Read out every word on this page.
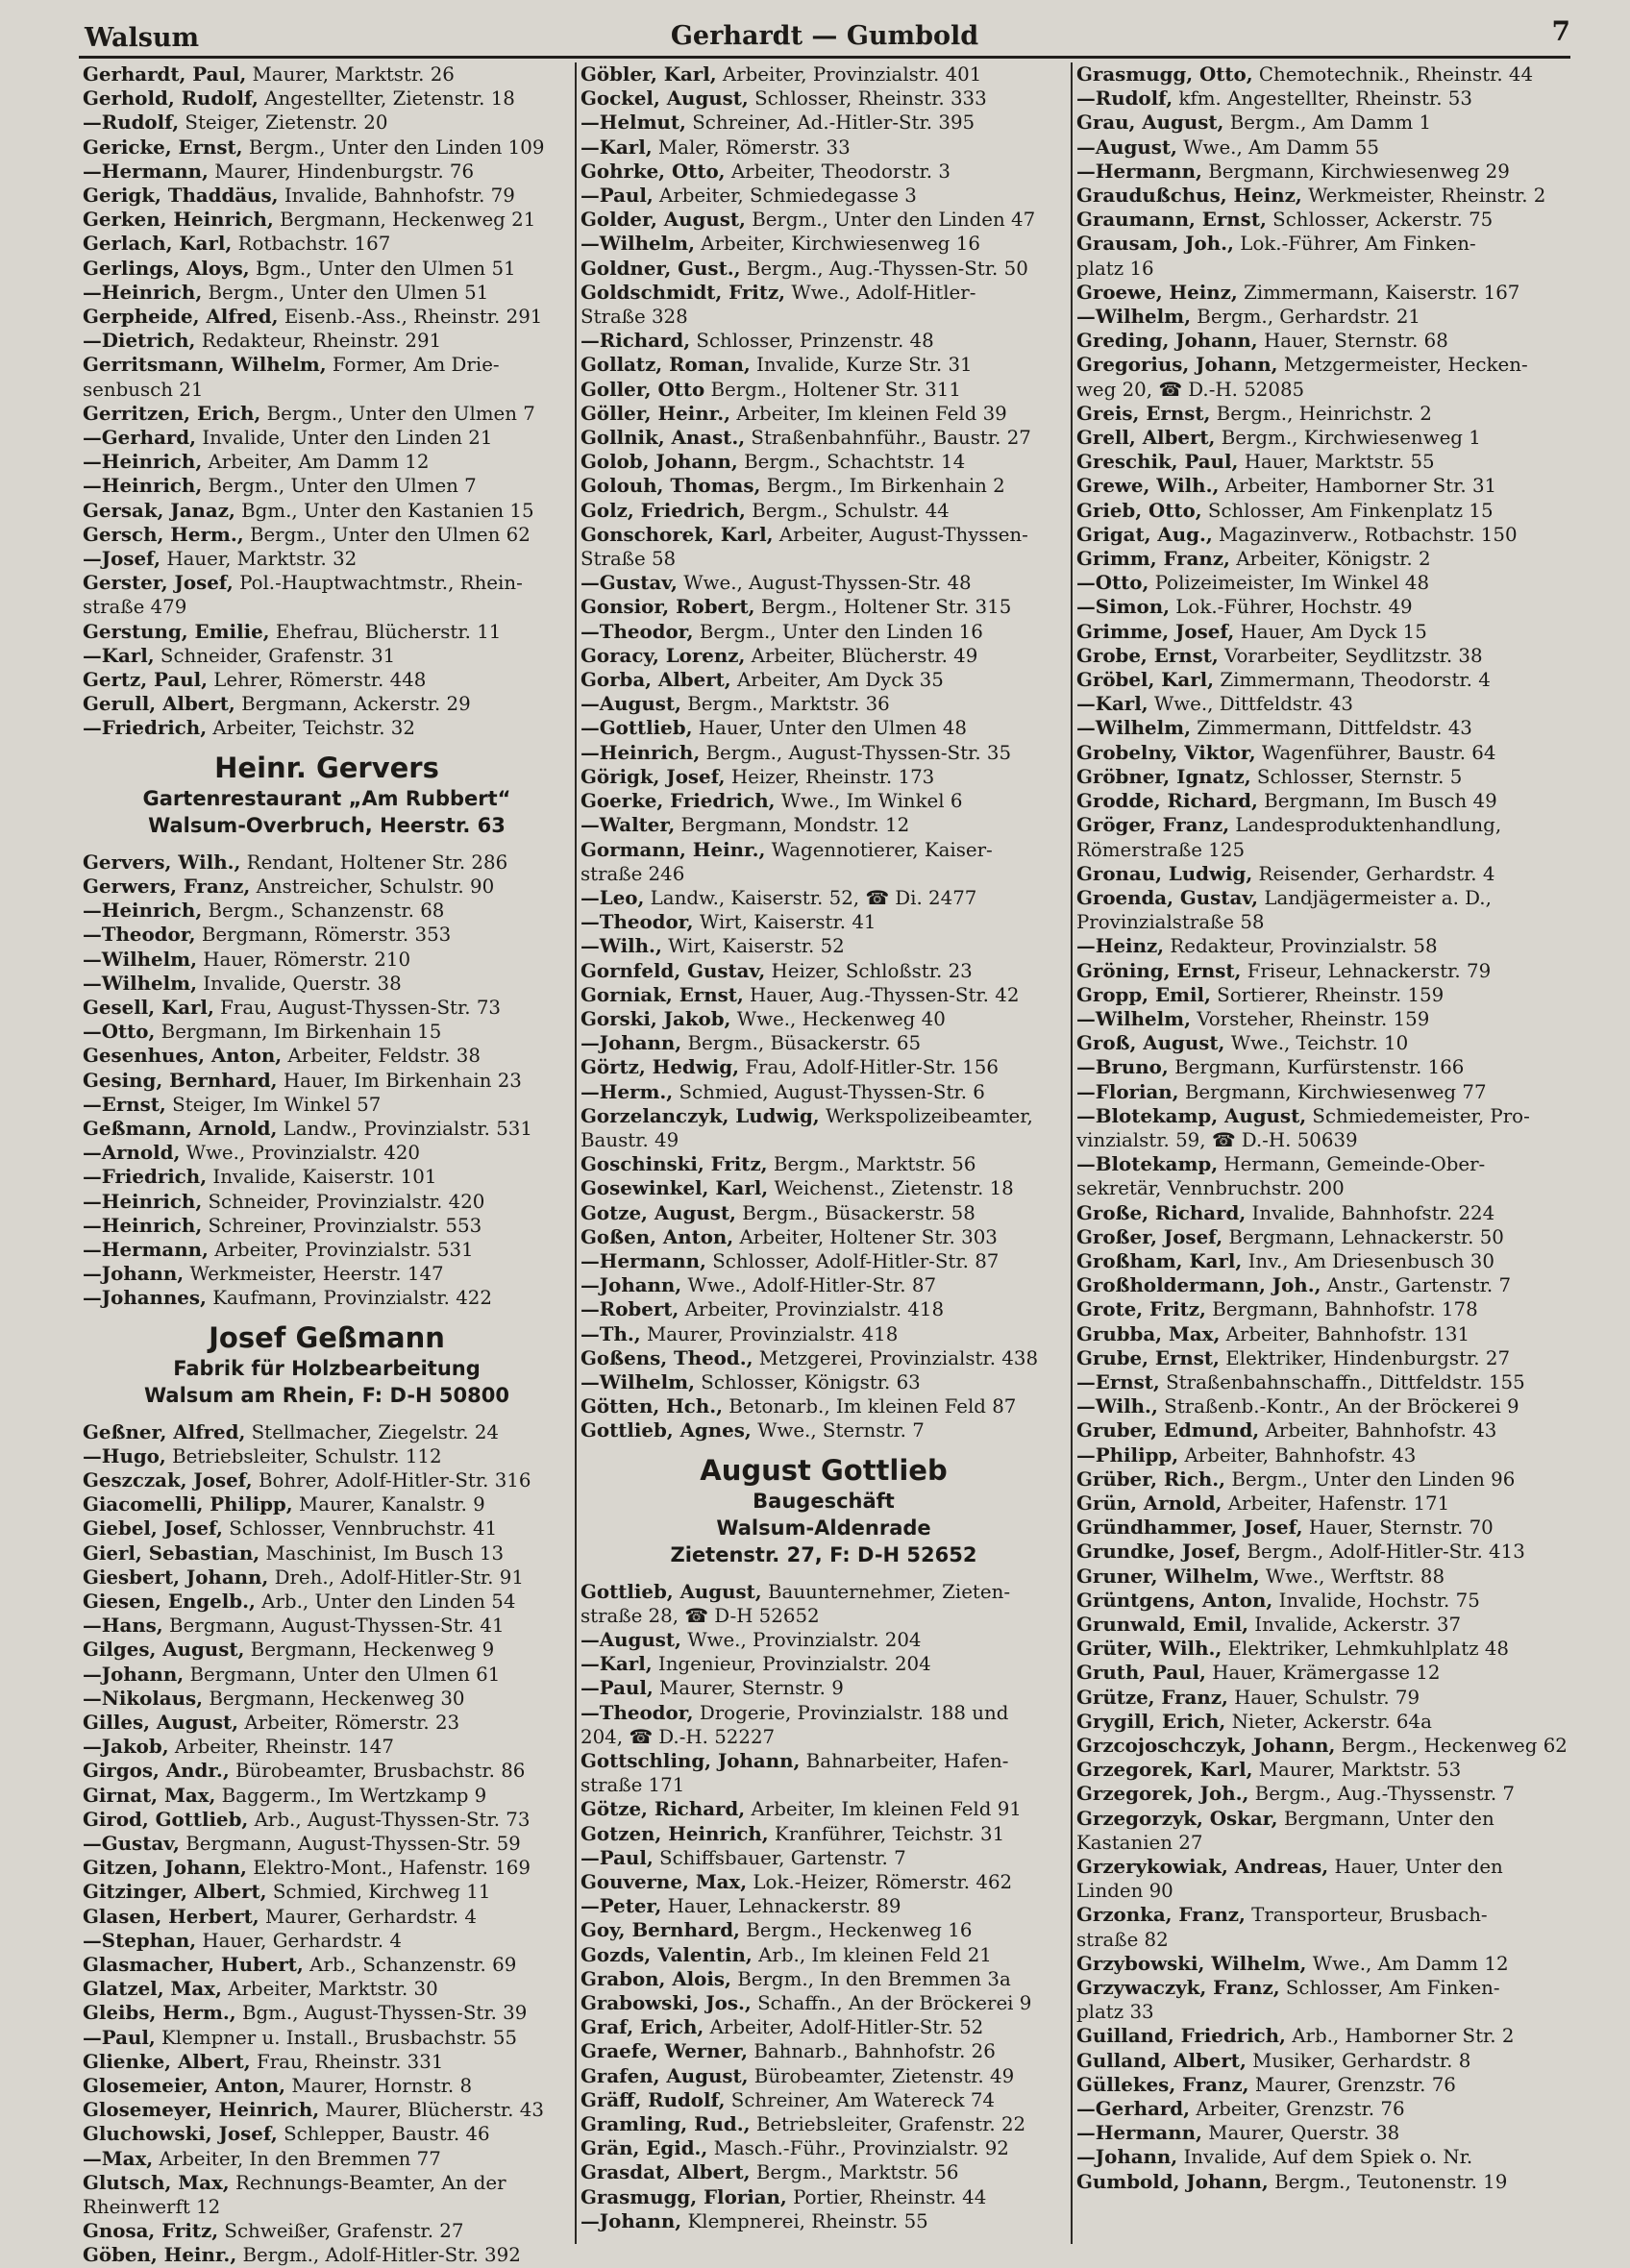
Walsum	Gerhardt — Gumbold	7
Gerhardt, Paul, Maurer, Marktstr. 26
Gerhold, Rudolf, Angestellter, Zietenstr. 18
—Rudolf, Steiger, Zietenstr. 20
Gericke, Ernst, Bergm., Unter den Linden 109
—Hermann, Maurer, Hindenburgstr. 76
Gerigk, Thaddäus, Invalide, Bahnhofstr. 79
Gerken, Heinrich, Bergmann, Heckenweg 21
Gerlach, Karl, Rotbachstr. 167
Gerlings, Aloys, Bgm., Unter den Ulmen 51
—Heinrich, Bergm., Unter den Ulmen 51
Gerpheide, Alfred, Eisenb.-Ass., Rheinstr. 291
—Dietrich, Redakteur, Rheinstr. 291
Gerritsmann, Wilhelm, Former, Am Drie-
senbusch 21
Gerritzen, Erich, Bergm., Unter den Ulmen 7
—Gerhard, Invalide, Unter den Linden 21
—Heinrich, Arbeiter, Am Damm 12
—Heinrich, Bergm., Unter den Ulmen 7
Gersak, Janaz, Bgm., Unter den Kastanien 15
Gersch, Herm., Bergm., Unter den Ulmen 62
—Josef, Hauer, Marktstr. 32
Gerster, Josef, Pol.-Hauptwachtmstr., Rhein-
straße 479
Gerstung, Emilie, Ehefrau, Blücherstr. 11
—Karl, Schneider, Grafenstr. 31
Gertz, Paul, Lehrer, Römerstr. 448
Gerull, Albert, Bergmann, Ackerstr. 29
—Friedrich, Arbeiter, Teichstr. 32
Heinr. Gervers
Gartenrestaurant „Am Rubbert“
Walsum-Overbruch, Heerstr. 63
Gervers, Wilh., Rendant, Holtener Str. 286
Gerwers, Franz, Anstreicher, Schulstr. 90
—Heinrich, Bergm., Schanzenstr. 68
—Theodor, Bergmann, Römerstr. 353
—Wilhelm, Hauer, Römerstr. 210
—Wilhelm, Invalide, Querstr. 38
Gesell, Karl, Frau, August-Thyssen-Str. 73
—Otto, Bergmann, Im Birkenhain 15
Gesenhues, Anton, Arbeiter, Feldstr. 38
Gesing, Bernhard, Hauer, Im Birkenhain 23
—Ernst, Steiger, Im Winkel 57
Geßmann, Arnold, Landw., Provinzialstr. 531
—Arnold, Wwe., Provinzialstr. 420
—Friedrich, Invalide, Kaiserstr. 101
—Heinrich, Schneider, Provinzialstr. 420
—Heinrich, Schreiner, Provinzialstr. 553
—Hermann, Arbeiter, Provinzialstr. 531
—Johann, Werkmeister, Heerstr. 147
—Johannes, Kaufmann, Provinzialstr. 422
Josef Geßmann
Fabrik für Holzbearbeitung
Walsum am Rhein, F: D-H 50800
Geßner, Alfred, Stellmacher, Ziegelstr. 24
—Hugo, Betriebsleiter, Schulstr. 112
Geszczak, Josef, Bohrer, Adolf-Hitler-Str. 316
Giacomelli, Philipp, Maurer, Kanalstr. 9
Giebel, Josef, Schlosser, Vennbruchstr. 41
Gierl, Sebastian, Maschinist, Im Busch 13
Giesbert, Johann, Dreh., Adolf-Hitler-Str. 91
Giesen, Engelb., Arb., Unter den Linden 54
—Hans, Bergmann, August-Thyssen-Str. 41
Gilges, August, Bergmann, Heckenweg 9
—Johann, Bergmann, Unter den Ulmen 61
—Nikolaus, Bergmann, Heckenweg 30
Gilles, August, Arbeiter, Römerstr. 23
—Jakob, Arbeiter, Rheinstr. 147
Girgos, Andr., Bürobeamter, Brusbachstr. 86
Girnat, Max, Baggerm., Im Wertzkamp 9
Girod, Gottlieb, Arb., August-Thyssen-Str. 73
—Gustav, Bergmann, August-Thyssen-Str. 59
Gitzen, Johann, Elektro-Mont., Hafenstr. 169
Gitzinger, Albert, Schmied, Kirchweg 11
Glasen, Herbert, Maurer, Gerhardstr. 4
—Stephan, Hauer, Gerhardstr. 4
Glasmacher, Hubert, Arb., Schanzenstr. 69
Glatzel, Max, Arbeiter, Marktstr. 30
Gleibs, Herm., Bgm., August-Thyssen-Str. 39
—Paul, Klempner u. Install., Brusbachstr. 55
Glienke, Albert, Frau, Rheinstr. 331
Glosemeier, Anton, Maurer, Hornstr. 8
Glosemeyer, Heinrich, Maurer, Blücherstr. 43
Gluchowski, Josef, Schlepper, Baustr. 46
—Max, Arbeiter, In den Bremmen 77
Glutsch, Max, Rechnungs-Beamter, An der
Rheinwerft 12
Gnosa, Fritz, Schweißer, Grafenstr. 27
Göben, Heinr., Bergm., Adolf-Hitler-Str. 392
Göbler, Karl, Arbeiter, Provinzialstr. 401
Gockel, August, Schlosser, Rheinstr. 333
—Helmut, Schreiner, Ad.-Hitler-Str. 395
—Karl, Maler, Römerstr. 33
Gohrke, Otto, Arbeiter, Theodorstr. 3
—Paul, Arbeiter, Schmiedegasse 3
Golder, August, Bergm., Unter den Linden 47
—Wilhelm, Arbeiter, Kirchwiesenweg 16
Goldner, Gust., Bergm., Aug.-Thyssen-Str. 50
Goldschmidt, Fritz, Wwe., Adolf-Hitler-
Straße 328
—Richard, Schlosser, Prinzenstr. 48
Gollatz, Roman, Invalide, Kurze Str. 31
Goller, Otto Bergm., Holtener Str. 311
Göller, Heinr., Arbeiter, Im kleinen Feld 39
Gollnik, Anast., Straßenbahnführ., Baustr. 27
Golob, Johann, Bergm., Schachtstr. 14
Golouh, Thomas, Bergm., Im Birkenhain 2
Golz, Friedrich, Bergm., Schulstr. 44
Gonschorek, Karl, Arbeiter, August-Thyssen-
Straße 58
—Gustav, Wwe., August-Thyssen-Str. 48
Gonsior, Robert, Bergm., Holtener Str. 315
—Theodor, Bergm., Unter den Linden 16
Goracy, Lorenz, Arbeiter, Blücherstr. 49
Gorba, Albert, Arbeiter, Am Dyck 35
—August, Bergm., Marktstr. 36
—Gottlieb, Hauer, Unter den Ulmen 48
—Heinrich, Bergm., August-Thyssen-Str. 35
Görigk, Josef, Heizer, Rheinstr. 173
Goerke, Friedrich, Wwe., Im Winkel 6
—Walter, Bergmann, Mondstr. 12
Gormann, Heinr., Wagennotierer, Kaiser-
straße 246
—Leo, Landw., Kaiserstr. 52, ☎ Di. 2477
—Theodor, Wirt, Kaiserstr. 41
—Wilh., Wirt, Kaiserstr. 52
Gornfeld, Gustav, Heizer, Schloßstr. 23
Gorniak, Ernst, Hauer, Aug.-Thyssen-Str. 42
Gorski, Jakob, Wwe., Heckenweg 40
—Johann, Bergm., Büsackerstr. 65
Görtz, Hedwig, Frau, Adolf-Hitler-Str. 156
—Herm., Schmied, August-Thyssen-Str. 6
Gorzelanczyk, Ludwig, Werkspolizeibeamter,
Baustr. 49
Goschinski, Fritz, Bergm., Marktstr. 56
Gosewinkel, Karl, Weichenst., Zietenstr. 18
Gotze, August, Bergm., Büsackerstr. 58
Goßen, Anton, Arbeiter, Holtener Str. 303
—Hermann, Schlosser, Adolf-Hitler-Str. 87
—Johann, Wwe., Adolf-Hitler-Str. 87
—Robert, Arbeiter, Provinzialstr. 418
—Th., Maurer, Provinzialstr. 418
Goßens, Theod., Metzgerei, Provinzialstr. 438
—Wilhelm, Schlosser, Königstr. 63
Götten, Hch., Betonarb., Im kleinen Feld 87
Gottlieb, Agnes, Wwe., Sternstr. 7
August Gottlieb
Baugeschäft
Walsum-Aldenrade
Zietenstr. 27, F: D-H 52652
Gottlieb, August, Bauunternehmer, Zieten-
straße 28, ☎ D-H 52652
—August, Wwe., Provinzialstr. 204
—Karl, Ingenieur, Provinzialstr. 204
—Paul, Maurer, Sternstr. 9
—Theodor, Drogerie, Provinzialstr. 188 und
204, ☎ D.-H. 52227
Gottschling, Johann, Bahnarbeiter, Hafen-
straße 171
Götze, Richard, Arbeiter, Im kleinen Feld 91
Gotzen, Heinrich, Kranführer, Teichstr. 31
—Paul, Schiffsbauer, Gartenstr. 7
Gouverne, Max, Lok.-Heizer, Römerstr. 462
—Peter, Hauer, Lehnackerstr. 89
Goy, Bernhard, Bergm., Heckenweg 16
Gozds, Valentin, Arb., Im kleinen Feld 21
Grabon, Alois, Bergm., In den Bremmen 3a
Grabowski, Jos., Schaffn., An der Bröckerei 9
Graf, Erich, Arbeiter, Adolf-Hitler-Str. 52
Graefe, Werner, Bahnarb., Bahnhofstr. 26
Grafen, August, Bürobeamter, Zietenstr. 49
Gräff, Rudolf, Schreiner, Am Watereck 74
Gramling, Rud., Betriebsleiter, Grafenstr. 22
Grän, Egid., Masch.-Führ., Provinzialstr. 92
Grasdat, Albert, Bergm., Marktstr. 56
Grasmugg, Florian, Portier, Rheinstr. 44
—Johann, Klempnerei, Rheinstr. 55
Grasmugg, Otto, Chemotechnik., Rheinstr. 44
—Rudolf, kfm. Angestellter, Rheinstr. 53
Grau, August, Bergm., Am Damm 1
—August, Wwe., Am Damm 55
—Hermann, Bergmann, Kirchwiesenweg 29
Graudußchus, Heinz, Werkmeister, Rheinstr. 2
Graumann, Ernst, Schlosser, Ackerstr. 75
Grausam, Joh., Lok.-Führer, Am Finken-
platz 16
Groewe, Heinz, Zimmermann, Kaiserstr. 167
—Wilhelm, Bergm., Gerhardstr. 21
Greding, Johann, Hauer, Sternstr. 68
Gregorius, Johann, Metzgermeister, Hecken-
weg 20, ☎ D.-H. 52085
Greis, Ernst, Bergm., Heinrichstr. 2
Grell, Albert, Bergm., Kirchwiesenweg 1
Greschik, Paul, Hauer, Marktstr. 55
Grewe, Wilh., Arbeiter, Hamborner Str. 31
Grieb, Otto, Schlosser, Am Finkenplatz 15
Grigat, Aug., Magazinverw., Rotbachstr. 150
Grimm, Franz, Arbeiter, Königstr. 2
—Otto, Polizeimeister, Im Winkel 48
—Simon, Lok.-Führer, Hochstr. 49
Grimme, Josef, Hauer, Am Dyck 15
Grobe, Ernst, Vorarbeiter, Seydlitzstr. 38
Gröbel, Karl, Zimmermann, Theodorstr. 4
—Karl, Wwe., Dittfeldstr. 43
—Wilhelm, Zimmermann, Dittfeldstr. 43
Grobelny, Viktor, Wagenführer, Baustr. 64
Gröbner, Ignatz, Schlosser, Sternstr. 5
Grodde, Richard, Bergmann, Im Busch 49
Gröger, Franz, Landesproduktenhandlung,
Römerstraße 125
Gronau, Ludwig, Reisender, Gerhardstr. 4
Groenda, Gustav, Landjägermeister a. D.,
Provinzialstraße 58
—Heinz, Redakteur, Provinzialstr. 58
Gröning, Ernst, Friseur, Lehnackerstr. 79
Gropp, Emil, Sortierer, Rheinstr. 159
—Wilhelm, Vorsteher, Rheinstr. 159
Groß, August, Wwe., Teichstr. 10
—Bruno, Bergmann, Kurfürstenstr. 166
—Florian, Bergmann, Kirchwiesenweg 77
—Blotekamp, August, Schmiedemeister, Pro-
vinzialstr. 59, ☎ D.-H. 50639
—Blotekamp, Hermann, Gemeinde-Ober-
sekretär, Vennbruchstr. 200
Große, Richard, Invalide, Bahnhofstr. 224
Großer, Josef, Bergmann, Lehnackerstr. 50
Großham, Karl, Inv., Am Driesenbusch 30
Großholdermann, Joh., Anstr., Gartenstr. 7
Grote, Fritz, Bergmann, Bahnhofstr. 178
Grubba, Max, Arbeiter, Bahnhofstr. 131
Grube, Ernst, Elektriker, Hindenburgstr. 27
—Ernst, Straßenbahnschaffn., Dittfeldstr. 155
—Wilh., Straßenb.-Kontr., An der Bröckerei 9
Gruber, Edmund, Arbeiter, Bahnhofstr. 43
—Philipp, Arbeiter, Bahnhofstr. 43
Grüber, Rich., Bergm., Unter den Linden 96
Grün, Arnold, Arbeiter, Hafenstr. 171
Gründhammer, Josef, Hauer, Sternstr. 70
Grundke, Josef, Bergm., Adolf-Hitler-Str. 413
Gruner, Wilhelm, Wwe., Werftstr. 88
Grüntgens, Anton, Invalide, Hochstr. 75
Grunwald, Emil, Invalide, Ackerstr. 37
Grüter, Wilh., Elektriker, Lehmkuhlplatz 48
Gruth, Paul, Hauer, Krämergasse 12
Grütze, Franz, Hauer, Schulstr. 79
Grygill, Erich, Nieter, Ackerstr. 64a
Grzcojoschczyk, Johann, Bergm., Heckenweg 62
Grzegorek, Karl, Maurer, Marktstr. 53
Grzegorek, Joh., Bergm., Aug.-Thyssenstr. 7
Grzegorzyk, Oskar, Bergmann, Unter den
Kastanien 27
Grzerykowiak, Andreas, Hauer, Unter den
Linden 90
Grzonka, Franz, Transporteur, Brusbach-
straße 82
Grzybowski, Wilhelm, Wwe., Am Damm 12
Grzywaczyk, Franz, Schlosser, Am Finken-
platz 33
Guilland, Friedrich, Arb., Hamborner Str. 2
Gulland, Albert, Musiker, Gerhardstr. 8
Güllekes, Franz, Maurer, Grenzstr. 76
—Gerhard, Arbeiter, Grenzstr. 76
—Hermann, Maurer, Querstr. 38
—Johann, Invalide, Auf dem Spiek o. Nr.
Gumbold, Johann, Bergm., Teutonenstr. 19
